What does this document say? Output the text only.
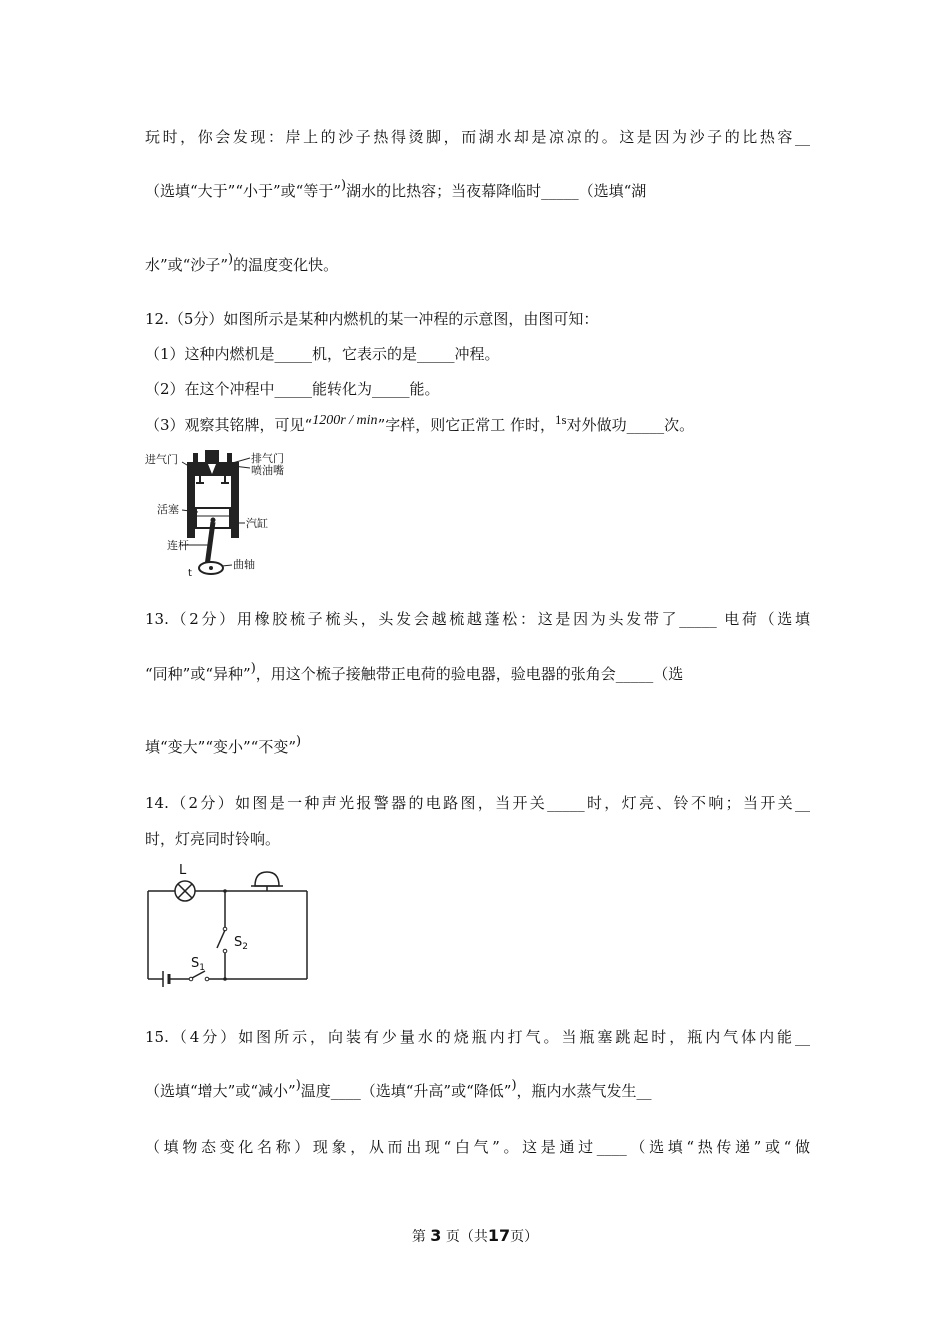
玩时，你会发现：岸上的沙子热得烫脚，而湖水却是凉凉的。这是因为沙子的比热容__
（选填“大于”“小于”或“等于”)湖水的比热容；当夜幕降临时_____（选填“湖
水”或“沙子”)的温度变化快。
12.（5分）如图所示是某种内燃机的某一冲程的示意图，由图可知：
（1）这种内燃机是_____机，它表示的是_____冲程。
（2）在这个冲程中_____能转化为_____能。
（3）观察其铭牌，可见“1200r / min”字样，则它正常工 作时，1s对外做功_____次。
进气门	排气门
喷油嘴
活塞
汽缸
连杆
曲轴
t
13.（2分）用橡胶梳子梳头，头发会越梳越蓬松：这是因为头发带了_____ 电荷（选填
“同种”或“异种”)，用这个梳子接触带正电荷的验电器，验电器的张角会_____（选
填“变大”“变小”“不变”)
14.（2分）如图是一种声光报警器的电路图，当开关_____时，灯亮、铃不响；当开关__
时，灯亮同时铃响。
L
$S_2$
$S_1$
15.（4分）如图所示，向装有少量水的烧瓶内打气。当瓶塞跳起时，瓶内气体内能__
（选填“增大”或“减小”)温度____（选填“升高”或“降低”)，瓶内水蒸气发生__
（填物态变化名称）现象，从而出现“白气”。这是通过____（选填“热传递”或“做
第 3 页（共17页）
